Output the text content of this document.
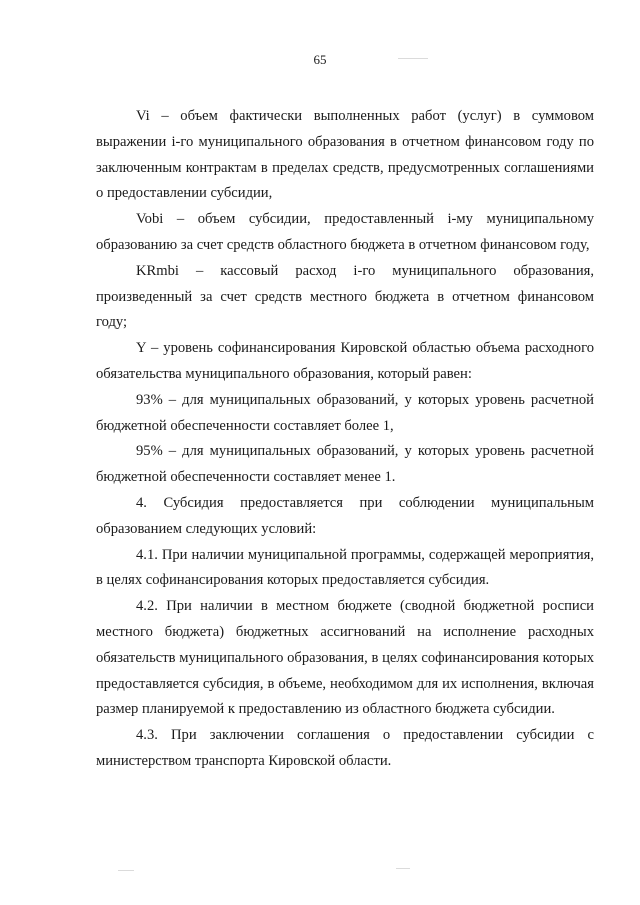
65

Vi – объем фактически выполненных работ (услуг) в суммовом выражении i-го муниципального образования в отчетном финансовом году по заключенным контрактам в пределах средств, предусмотренных соглашениями о предоставлении субсидии,

Vobi – объем субсидии, предоставленный i-му муниципальному образованию за счет средств областного бюджета в отчетном финансовом году,

KRmbi – кассовый расход i-го муниципального образования, произведенный за счет средств местного бюджета в отчетном финансовом году;

Y – уровень софинансирования Кировской областью объема расходного обязательства муниципального образования, который равен:

93% – для муниципальных образований, у которых уровень расчетной бюджетной обеспеченности составляет более 1,

95% – для муниципальных образований, у которых уровень расчетной бюджетной обеспеченности составляет менее 1.

4. Субсидия предоставляется при соблюдении муниципальным образованием следующих условий:

4.1. При наличии муниципальной программы, содержащей мероприятия, в целях софинансирования которых предоставляется субсидия.

4.2. При наличии в местном бюджете (сводной бюджетной росписи местного бюджета) бюджетных ассигнований на исполнение расходных обязательств муниципального образования, в целях софинансирования которых предоставляется субсидия, в объеме, необходимом для их исполнения, включая размер планируемой к предоставлению из областного бюджета субсидии.

4.3. При заключении соглашения о предоставлении субсидии с министерством транспорта Кировской области.
